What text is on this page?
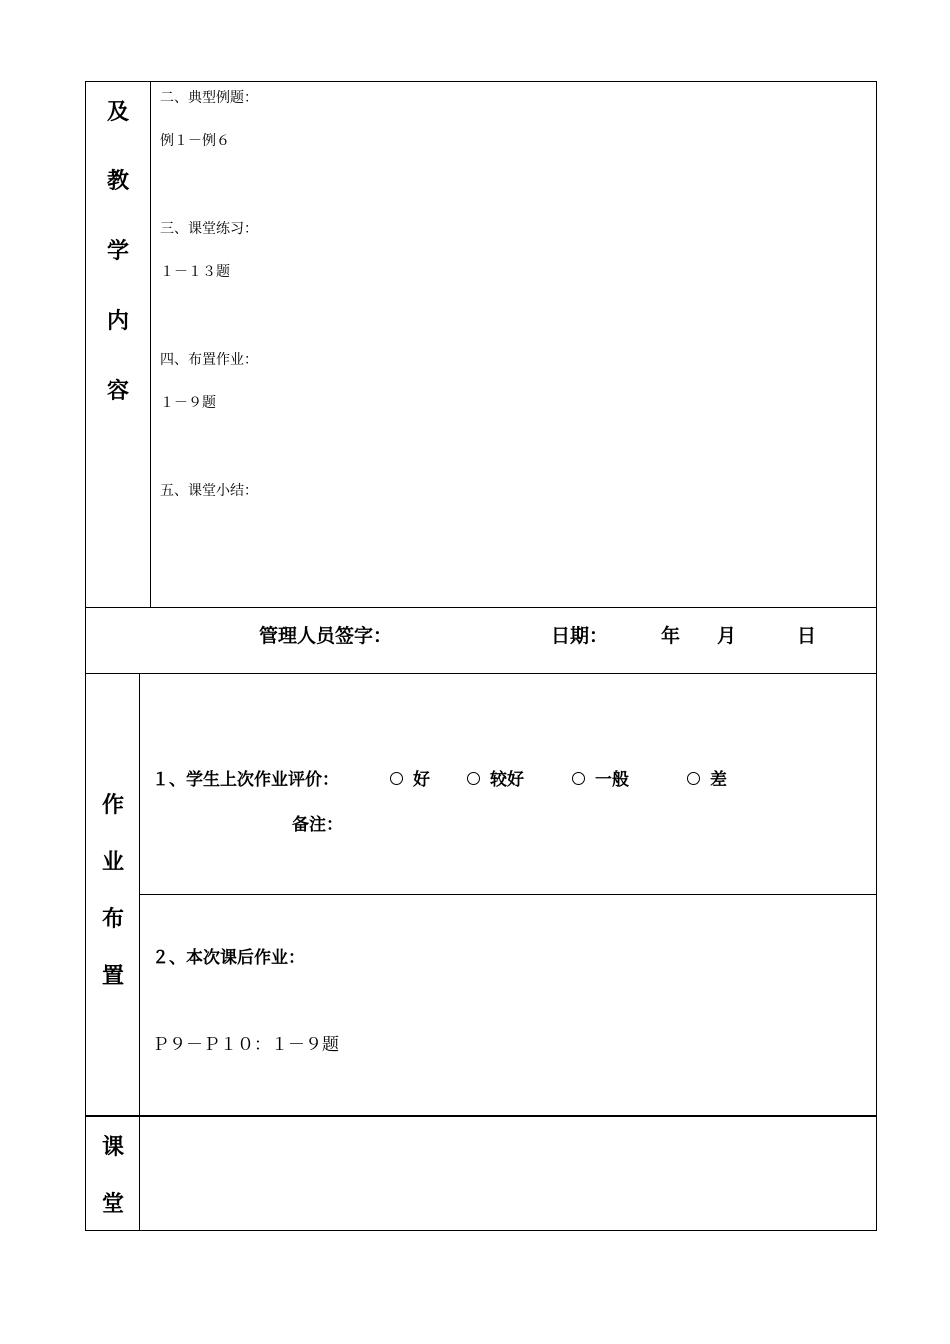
及
教
学
内
容
二、典型例题：
例１－例６
三、课堂练习：
１－１３题
四、布置作业：
１－９题
五、课堂小结：
管理人员签字：	日期：	年 月	日
作
业
布
置
１、学生上次作业评价：	好	较好	一般	差
备注：
２、本次课后作业：
Ｐ９－Ｐ１０：１－９题
课
堂
